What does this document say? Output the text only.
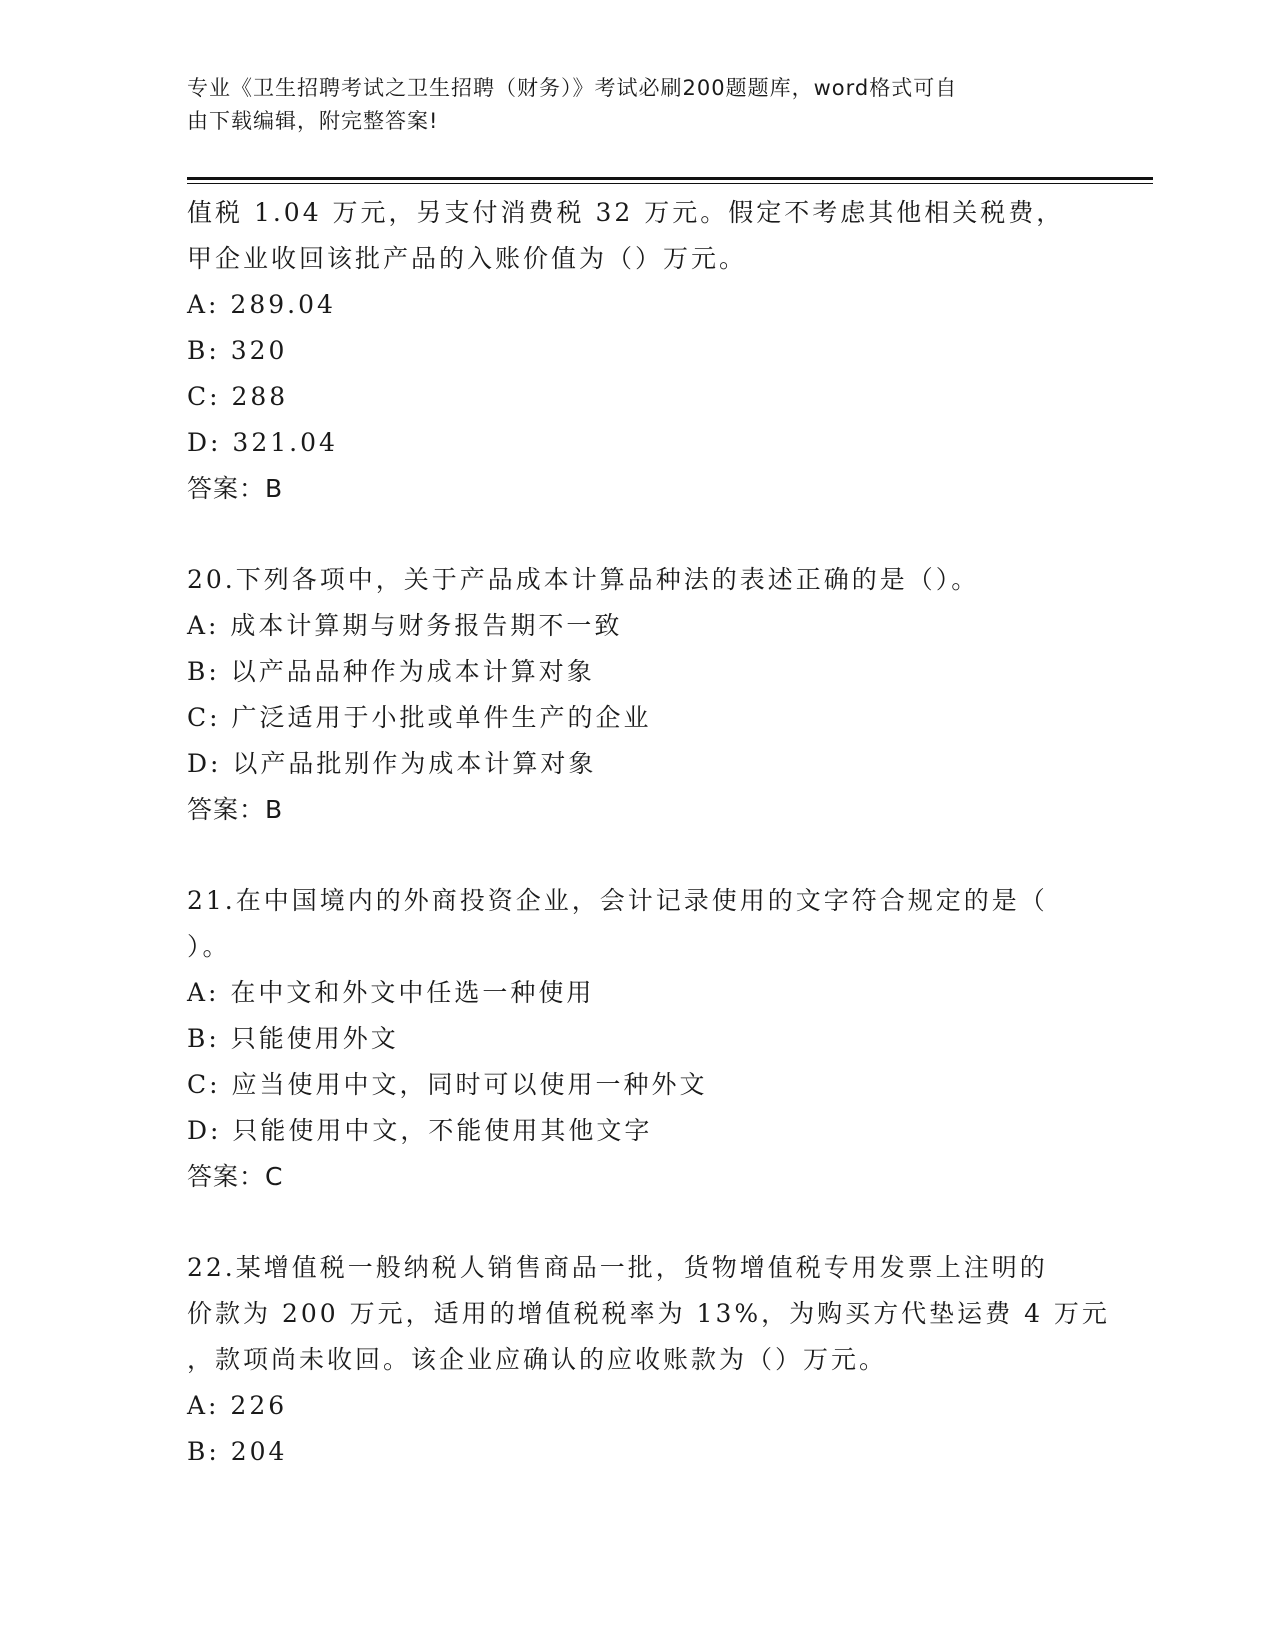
专业《卫生招聘考试之卫生招聘（财务）》考试必刷200题题库，word格式可自
由下载编辑，附完整答案!
值税 1.04 万元，另支付消费税 32 万元。假定不考虑其他相关税费，
甲企业收回该批产品的入账价值为（）万元。
A: 289.04
B: 320
C: 288
D: 321.04
答案：B
20.下列各项中，关于产品成本计算品种法的表述正确的是（）。
A: 成本计算期与财务报告期不一致
B: 以产品品种作为成本计算对象
C: 广泛适用于小批或单件生产的企业
D: 以产品批别作为成本计算对象
答案：B
21.在中国境内的外商投资企业，会计记录使用的文字符合规定的是（
）。
A: 在中文和外文中任选一种使用
B: 只能使用外文
C: 应当使用中文，同时可以使用一种外文
D: 只能使用中文，不能使用其他文字
答案：C
22.某增值税一般纳税人销售商品一批，货物增值税专用发票上注明的
价款为 200 万元，适用的增值税税率为 13%，为购买方代垫运费 4 万元
，款项尚未收回。该企业应确认的应收账款为（）万元。
A: 226
B: 204
